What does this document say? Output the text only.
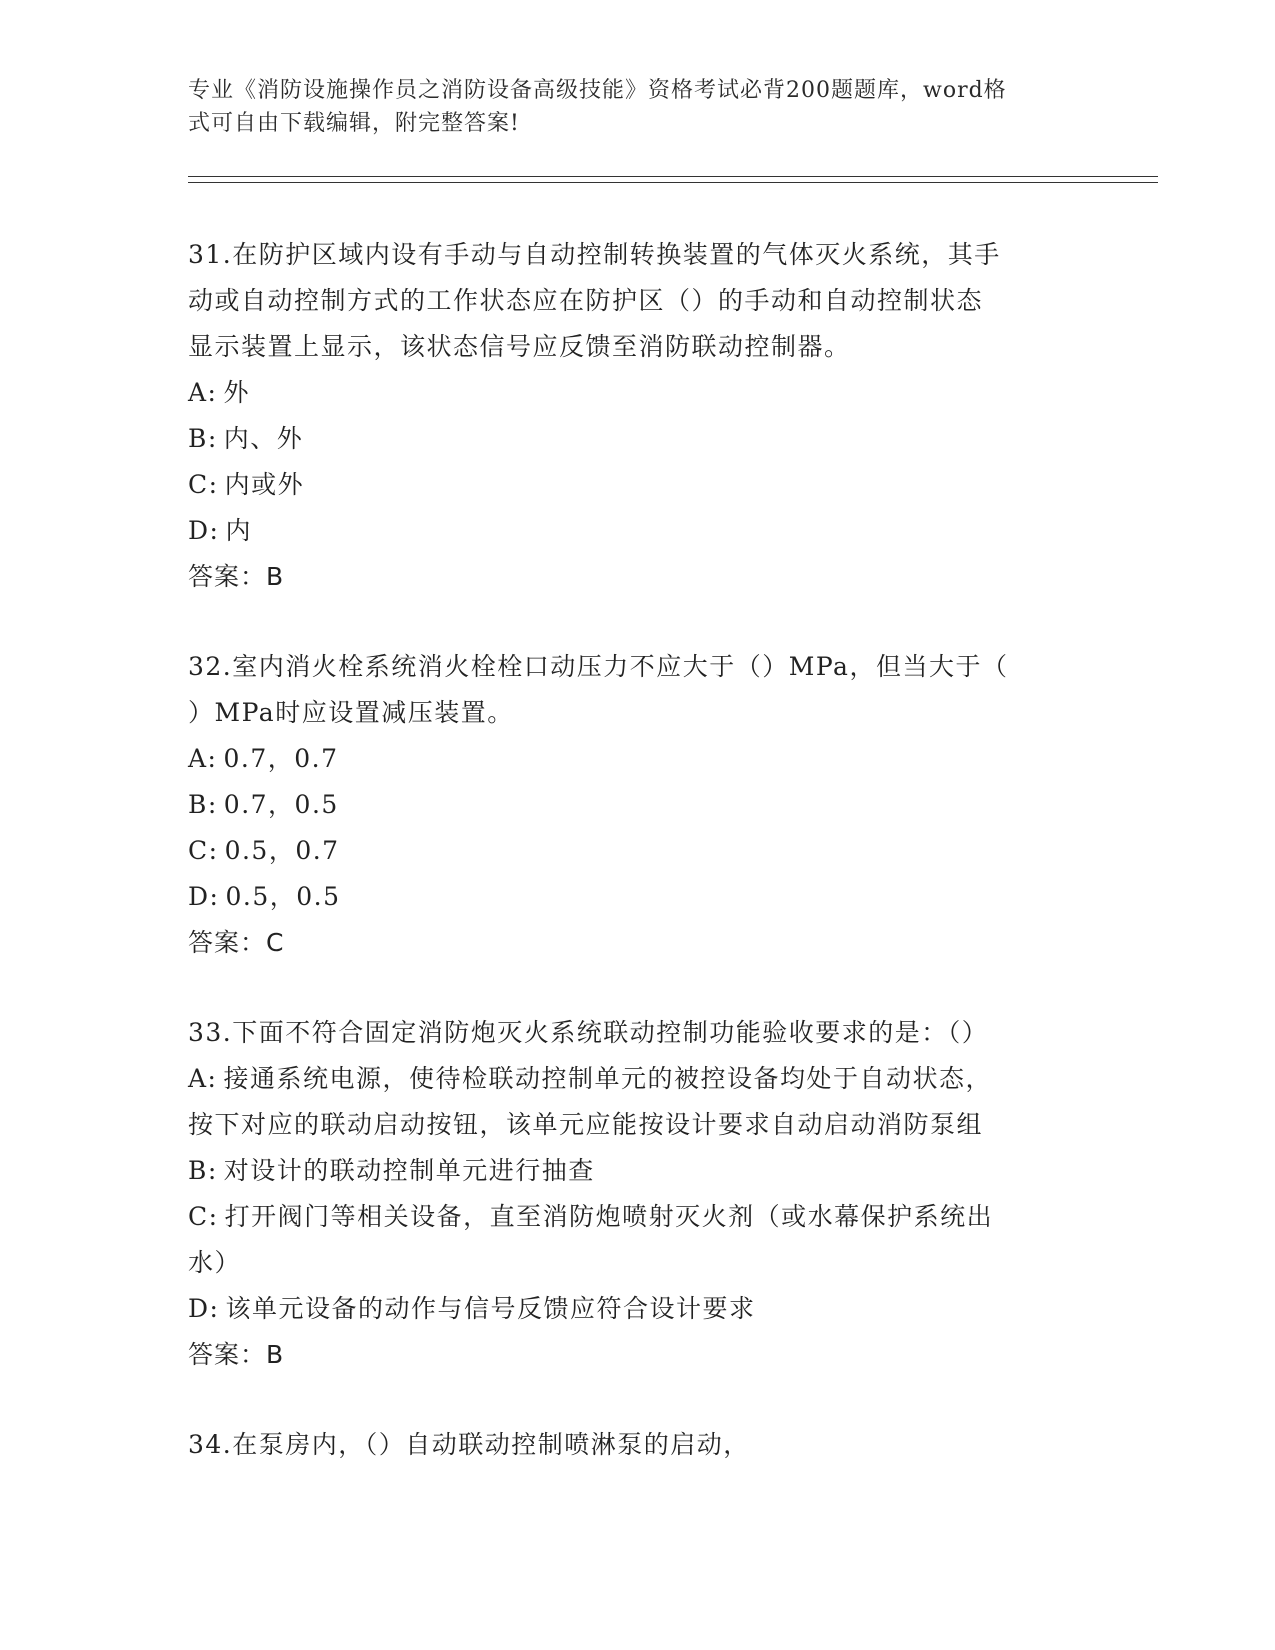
专业《消防设施操作员之消防设备高级技能》资格考试必背200题题库，word格
式可自由下载编辑，附完整答案!
31.在防护区域内设有手动与自动控制转换装置的气体灭火系统，其手
动或自动控制方式的工作状态应在防护区（）的手动和自动控制状态
显示装置上显示，该状态信号应反馈至消防联动控制器。
A: 外
B: 内、外
C: 内或外
D: 内
答案：B
32.室内消火栓系统消火栓栓口动压力不应大于（）MPa，但当大于（
）MPa时应设置减压装置。
A: 0.7，0.7
B: 0.7，0.5
C: 0.5，0.7
D: 0.5，0.5
答案：C
33.下面不符合固定消防炮灭火系统联动控制功能验收要求的是：（）
A: 接通系统电源，使待检联动控制单元的被控设备均处于自动状态，
按下对应的联动启动按钮，该单元应能按设计要求自动启动消防泵组
B: 对设计的联动控制单元进行抽查
C: 打开阀门等相关设备，直至消防炮喷射灭火剂（或水幕保护系统出
水）
D: 该单元设备的动作与信号反馈应符合设计要求
答案：B
34.在泵房内，（）自动联动控制喷淋泵的启动，
